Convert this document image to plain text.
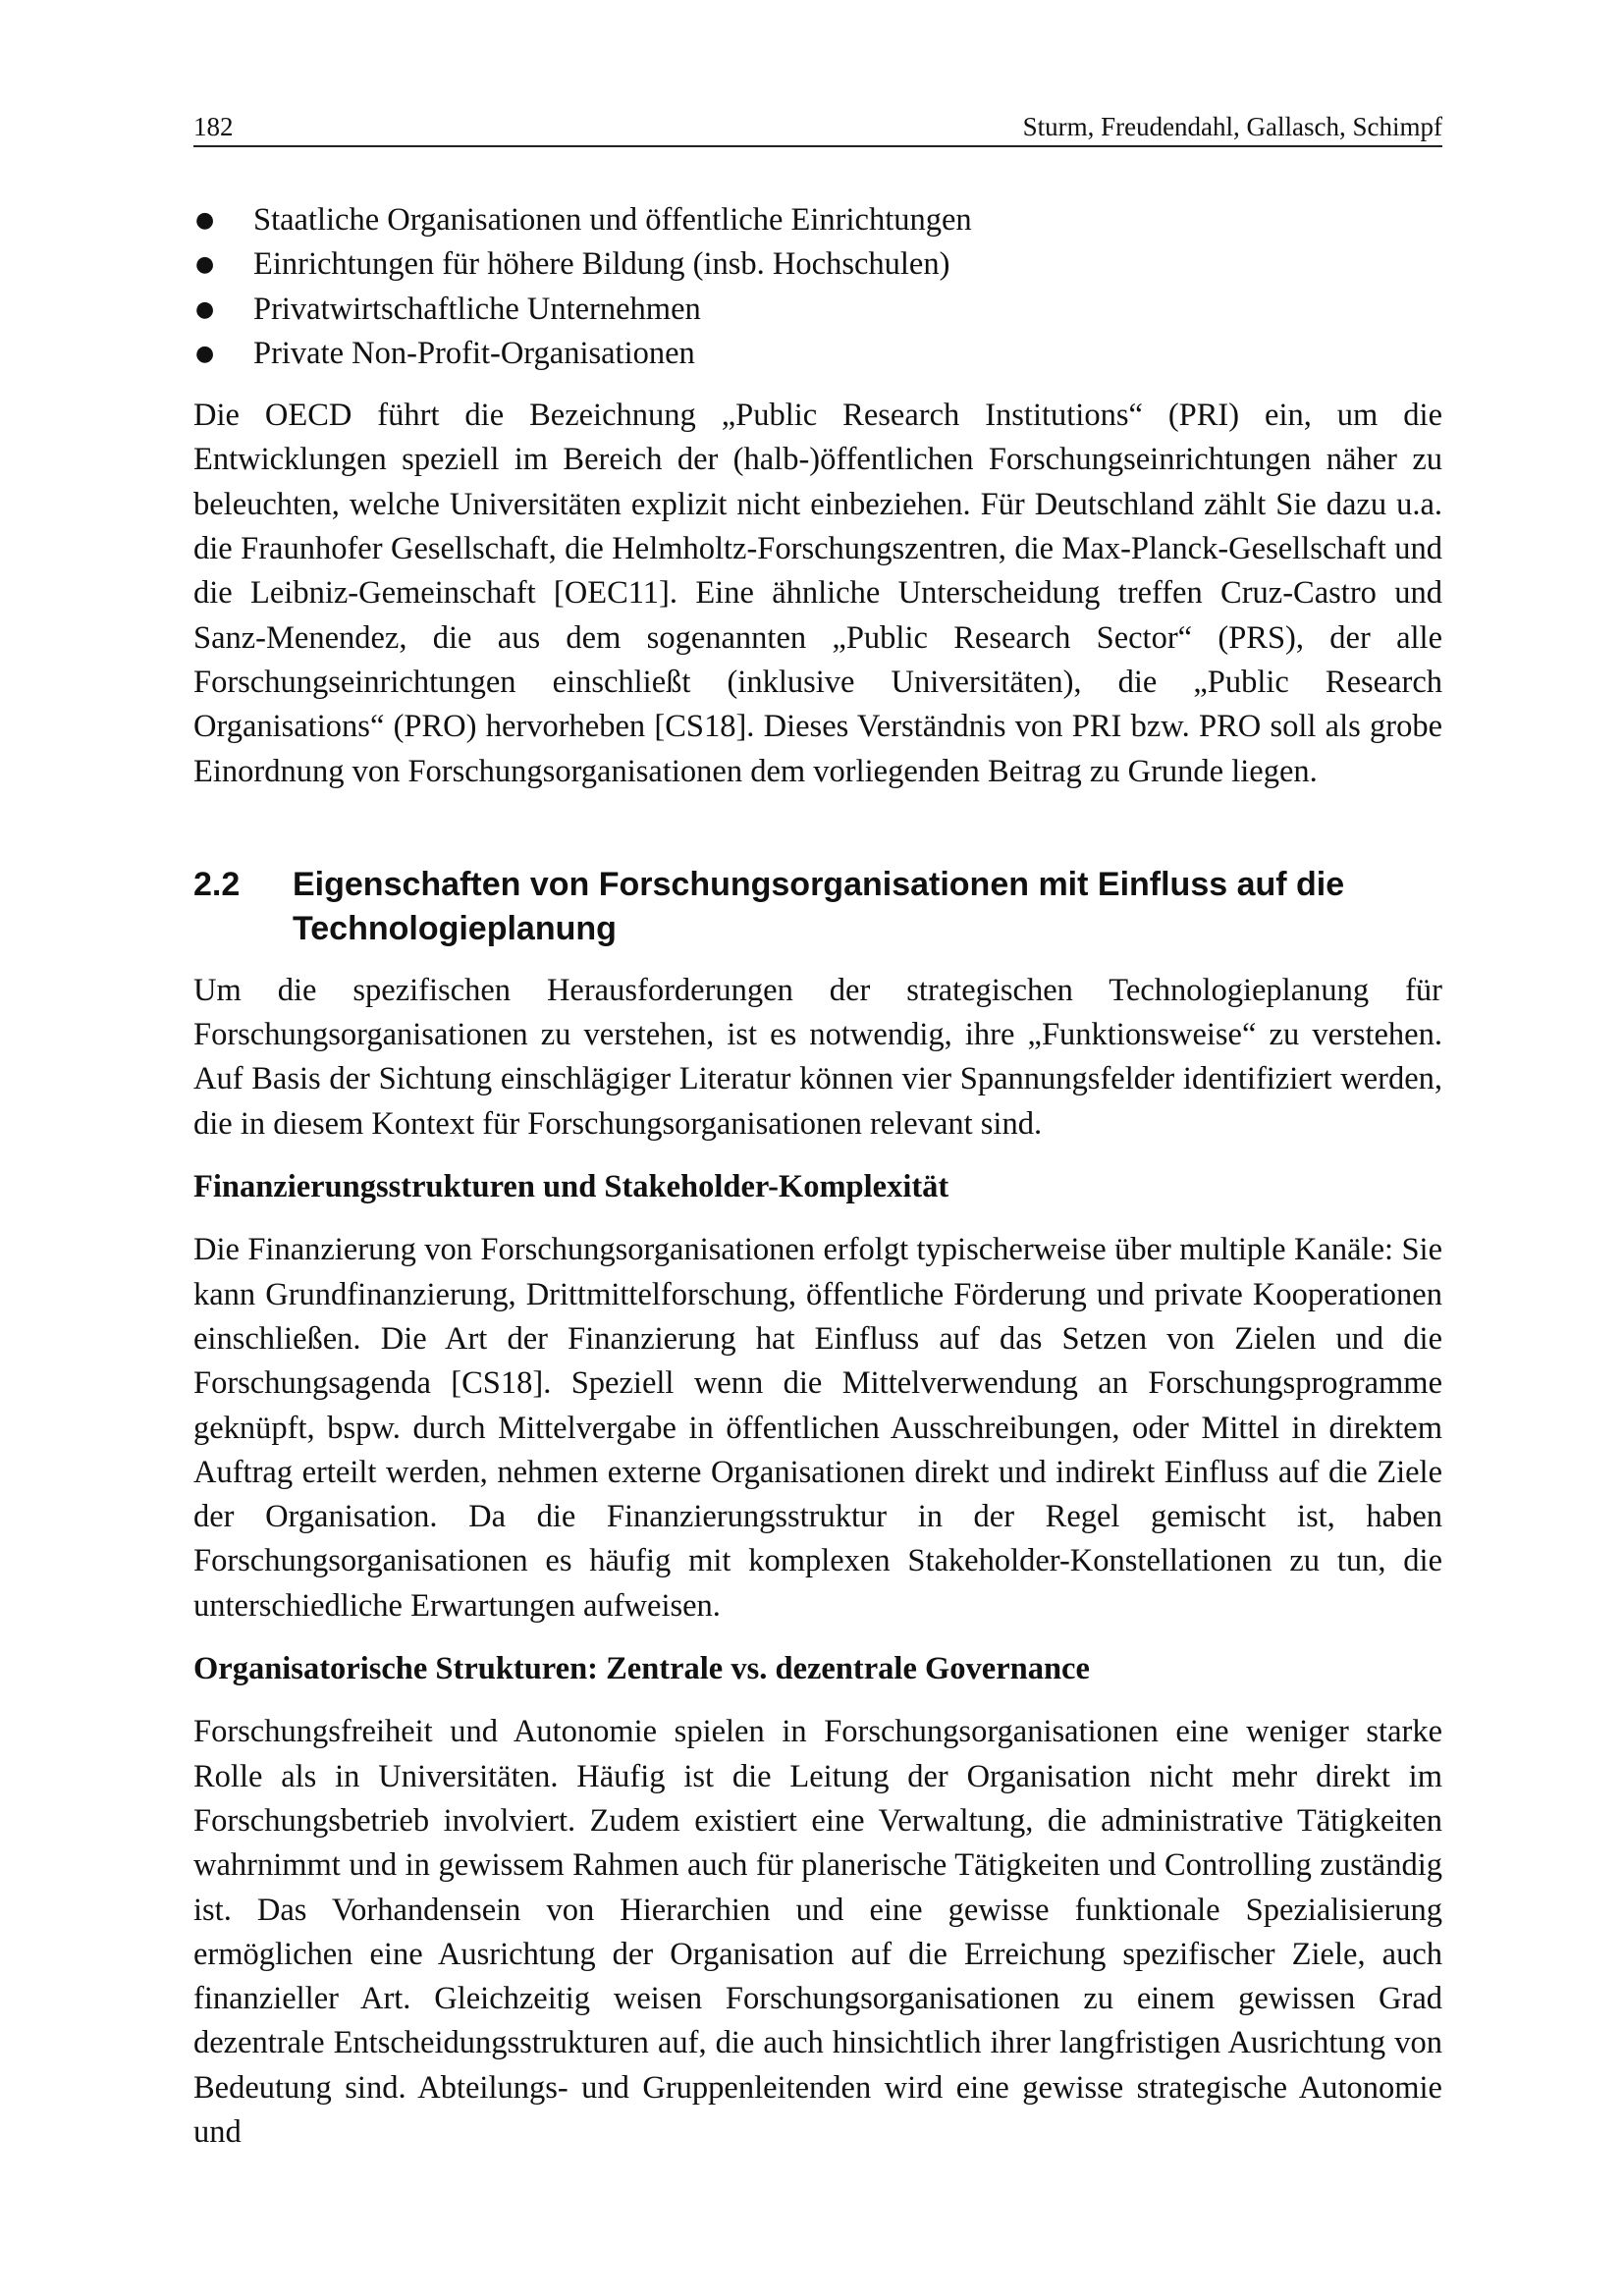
182	Sturm, Freudendahl, Gallasch, Schimpf
● Staatliche Organisationen und öffentliche Einrichtungen
● Einrichtungen für höhere Bildung (insb. Hochschulen)
● Privatwirtschaftliche Unternehmen
● Private Non-Profit-Organisationen

Die OECD führt die Bezeichnung „Public Research Institutions“ (PRI) ein, um die Entwicklungen speziell im Bereich der (halb-)öffentlichen Forschungseinrichtungen näher zu beleuchten, welche Universitäten explizit nicht einbeziehen. Für Deutschland zählt Sie dazu u.a. die Fraunhofer Gesellschaft, die Helmholtz-Forschungszentren, die Max-Planck-Gesellschaft und die Leibniz-Gemeinschaft [OEC11]. Eine ähnliche Unterscheidung treffen Cruz-Castro und Sanz-Menendez, die aus dem sogenannten „Public Research Sector“ (PRS), der alle Forschungseinrichtungen einschließt (inklusive Universitäten), die „Public Research Organisations“ (PRO) hervorheben [CS18]. Dieses Verständnis von PRI bzw. PRO soll als grobe Einordnung von Forschungsorganisationen dem vorliegenden Beitrag zu Grunde liegen.

2.2 Eigenschaften von Forschungsorganisationen mit Einfluss auf die Technologieplanung

Um die spezifischen Herausforderungen der strategischen Technologieplanung für Forschungsorganisationen zu verstehen, ist es notwendig, ihre „Funktionsweise“ zu verstehen. Auf Basis der Sichtung einschlägiger Literatur können vier Spannungsfelder identifiziert werden, die in diesem Kontext für Forschungsorganisationen relevant sind.

Finanzierungsstrukturen und Stakeholder-Komplexität

Die Finanzierung von Forschungsorganisationen erfolgt typischerweise über multiple Kanäle: Sie kann Grundfinanzierung, Drittmittelforschung, öffentliche Förderung und private Kooperationen einschließen. Die Art der Finanzierung hat Einfluss auf das Setzen von Zielen und die Forschungsagenda [CS18]. Speziell wenn die Mittelverwendung an Forschungsprogramme geknüpft, bspw. durch Mittelvergabe in öffentlichen Ausschreibungen, oder Mittel in direktem Auftrag erteilt werden, nehmen externe Organisationen direkt und indirekt Einfluss auf die Ziele der Organisation. Da die Finanzierungsstruktur in der Regel gemischt ist, haben Forschungsorganisationen es häufig mit komplexen Stakeholder-Konstellationen zu tun, die unterschiedliche Erwartungen aufweisen.

Organisatorische Strukturen: Zentrale vs. dezentrale Governance

Forschungsfreiheit und Autonomie spielen in Forschungsorganisationen eine weniger starke Rolle als in Universitäten. Häufig ist die Leitung der Organisation nicht mehr direkt im Forschungsbetrieb involviert. Zudem existiert eine Verwaltung, die administrative Tätigkeiten wahrnimmt und in gewissem Rahmen auch für planerische Tätigkeiten und Controlling zuständig ist. Das Vorhandensein von Hierarchien und eine gewisse funktionale Spezialisierung ermöglichen eine Ausrichtung der Organisation auf die Erreichung spezifischer Ziele, auch finanzieller Art. Gleichzeitig weisen Forschungsorganisationen zu einem gewissen Grad dezentrale Entscheidungsstrukturen auf, die auch hinsichtlich ihrer langfristigen Ausrichtung von Bedeutung sind. Abteilungs- und Gruppenleitenden wird eine gewisse strategische Autonomie und
